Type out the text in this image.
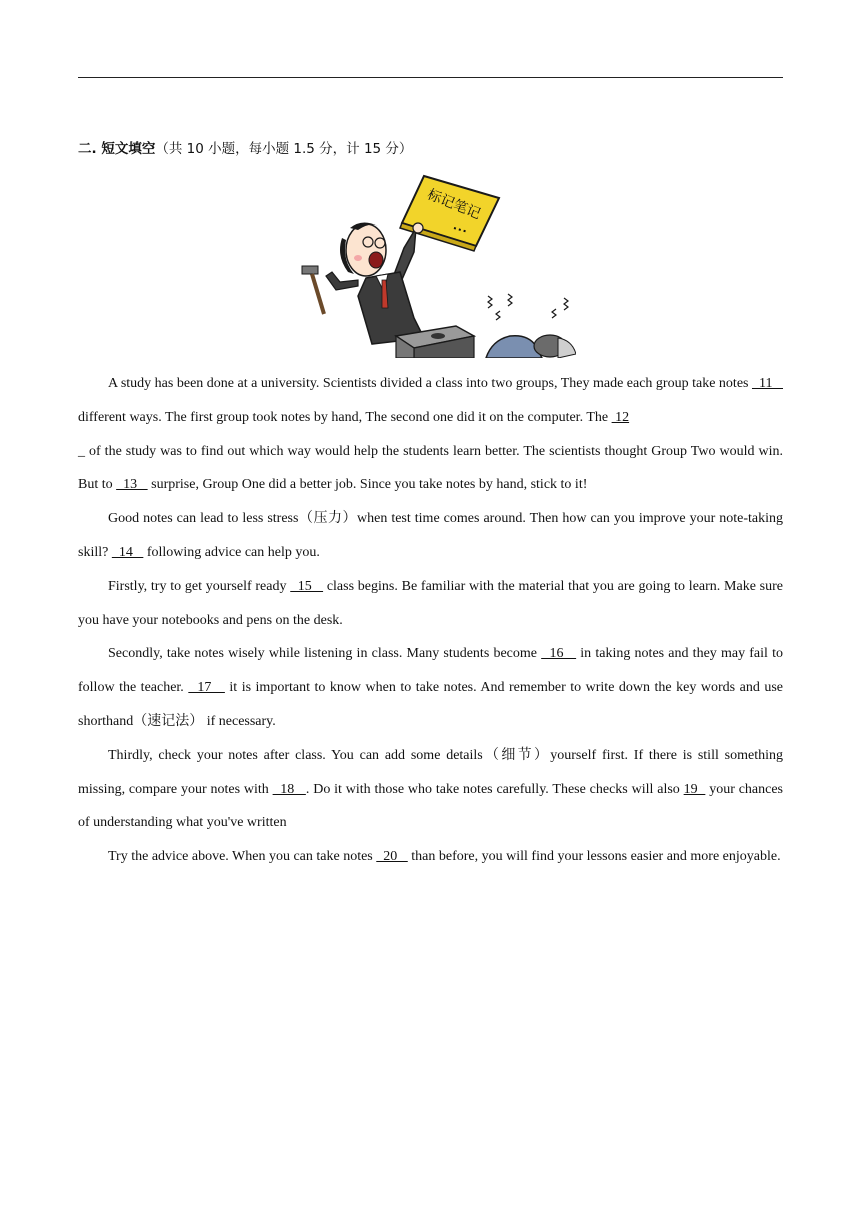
二. 短文填空（共 10 小题，每小题 1.5 分，计 15 分）
标记笔记

A study has been done at a university. Scientists divided a class into two groups, They made each group take notes   11    different ways. The first group took notes by hand, The second one did it on the computer. The  12
_ of the study was to find out which way would help the students learn better. The scientists thought Group Two would win. But to   13    surprise, Group One did a better job. Since you take notes by hand, stick to it!

Good notes can lead to less stress（压力）when test time comes around. Then how can you improve your note-taking skill?   14    following advice can help you.

Firstly, try to get yourself ready   15    class begins. Be familiar with the material that you are going to learn. Make sure you have your notebooks and pens on the desk.

Secondly, take notes wisely while listening in class. Many students become   16    in taking notes and they may fail to follow the teacher.   17    it is important to know when to take notes. And remember to write down the key words and use shorthand（速记法） if necessary.

Thirdly, check your notes after class. You can add some details（细节）yourself first. If there is still something missing, compare your notes with   18   . Do it with those who take notes carefully. These checks will also 19   your chances of understanding what you've written

Try the advice above. When you can take notes   20    than before, you will find your lessons easier and more enjoyable.
